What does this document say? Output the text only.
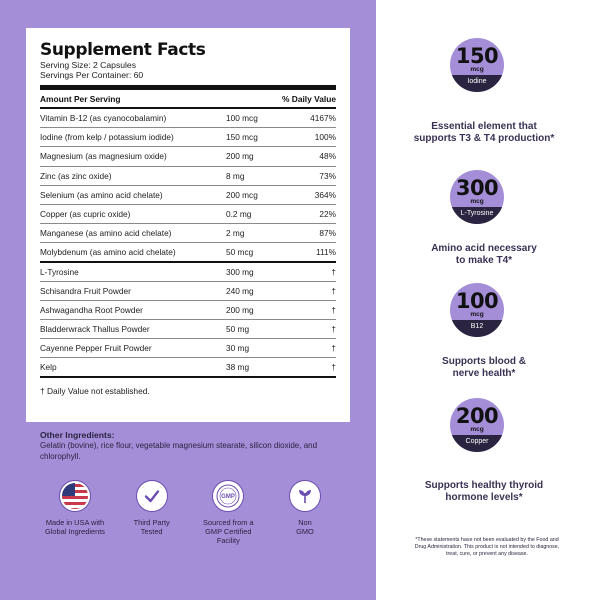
Supplement Facts
Serving Size: 2 Capsules
Servings Per Container: 60
Amount Per Serving	% Daily Value
Vitamin B-12 (as cyanocobalamin)	100 mcg	4167%
Iodine (from kelp / potassium iodide)	150 mcg	100%
Magnesium (as magnesium oxide)	200 mg	48%
Zinc (as zinc oxide)	8 mg	73%
Selenium (as amino acid chelate)	200 mcg	364%
Copper (as cupric oxide)	0.2 mg	22%
Manganese (as amino acid chelate)	2 mg	87%
Molybdenum (as amino acid chelate)	50 mcg	111%
L-Tyrosine	300 mg	†
Schisandra Fruit Powder	240 mg	†
Ashwagandha Root Powder	200 mg	†
Bladderwrack Thallus Powder	50 mg	†
Cayenne Pepper Fruit Powder	30 mg	†
Kelp	38 mg	†
† Daily Value not established.
Other Ingredients:
Gelatin (bovine), rice flour, vegetable magnesium stearate, silicon dioxide, and chlorophyll.
Made in USA with
Global Ingredients
Third Party
Tested
GMP
Sourced from a
GMP Certified Facility
Non
GMO
150
mcg
Iodine
Essential element that
supports T3 & T4 production*
300
mcg
L-Tyrosine
Amino acid necessary
to make T4*
100
mcg
B12
Supports blood &
nerve health*
200
mcg
Copper
Supports healthy thyroid
hormone levels*
*These statements have not been evaluated by the Food and Drug Administration. This product is not intended to diagnose, treat, cure, or prevent any disease.
